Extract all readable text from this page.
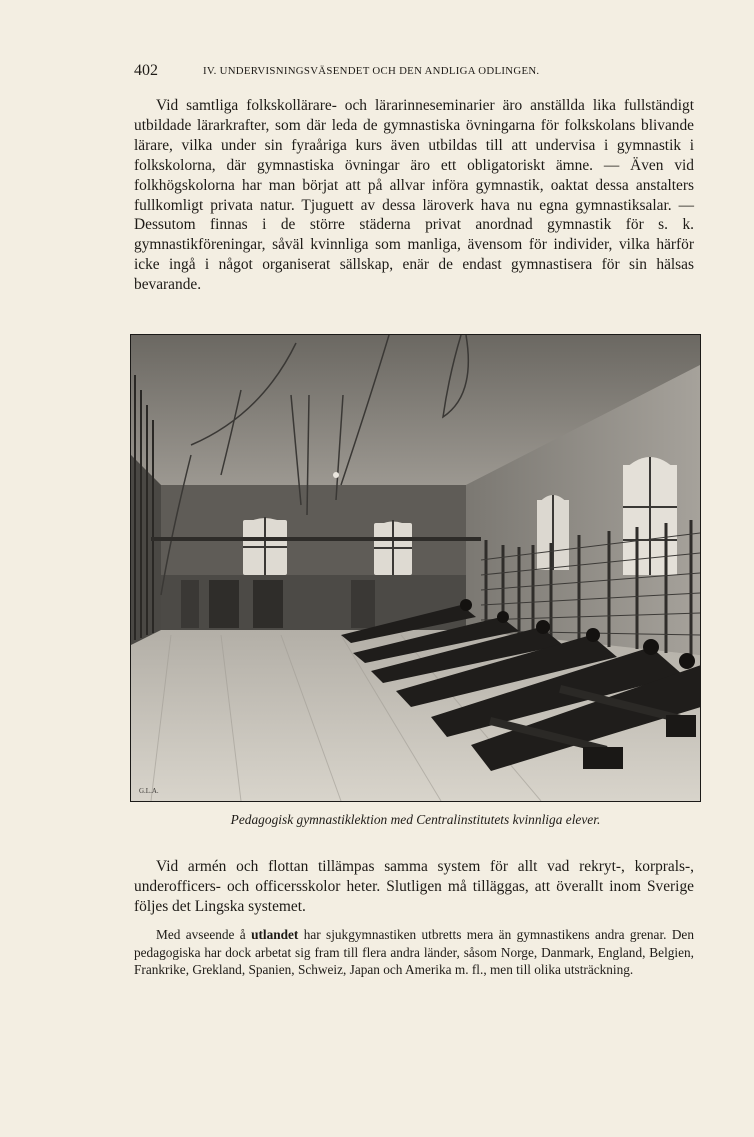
402	IV. UNDERVISNINGSVÄSENDET OCH DEN ANDLIGA ODLINGEN.

Vid samtliga folkskollärare- och lärarinneseminarier äro anställda lika fullständigt utbildade lärarkrafter, som där leda de gymnastiska övningarna för folkskolans blivande lärare, vilka under sin fyraåriga kurs även utbildas till att undervisa i gymnastik i folkskolorna, där gymnastiska övningar äro ett obligatoriskt ämne. — Även vid folkhögskolorna har man börjat att på allvar införa gymnastik, oaktat dessa anstalters fullkomligt privata natur. Tjuguett av dessa läroverk hava nu egna gymnastiksalar. — Dessutom finnas i de större städerna privat anordnad gymnastik för s. k. gymnastikföreningar, såväl kvinnliga som manliga, ävensom för individer, vilka härför icke ingå i något organiserat sällskap, enär de endast gymnastisera för sin hälsas bevarande.

G.L.A.
Pedagogisk gymnastiklektion med Centralinstitutets kvinnliga elever.

Vid armén och flottan tillämpas samma system för allt vad rekryt-, korprals-, underofficers- och officersskolor heter. Slutligen må tilläggas, att överallt inom Sverige följes det Lingska systemet.

Med avseende å utlandet har sjukgymnastiken utbretts mera än gymnastikens andra grenar. Den pedagogiska har dock arbetat sig fram till flera andra länder, såsom Norge, Danmark, England, Belgien, Frankrike, Grekland, Spanien, Schweiz, Japan och Amerika m. fl., men till olika utsträckning.
